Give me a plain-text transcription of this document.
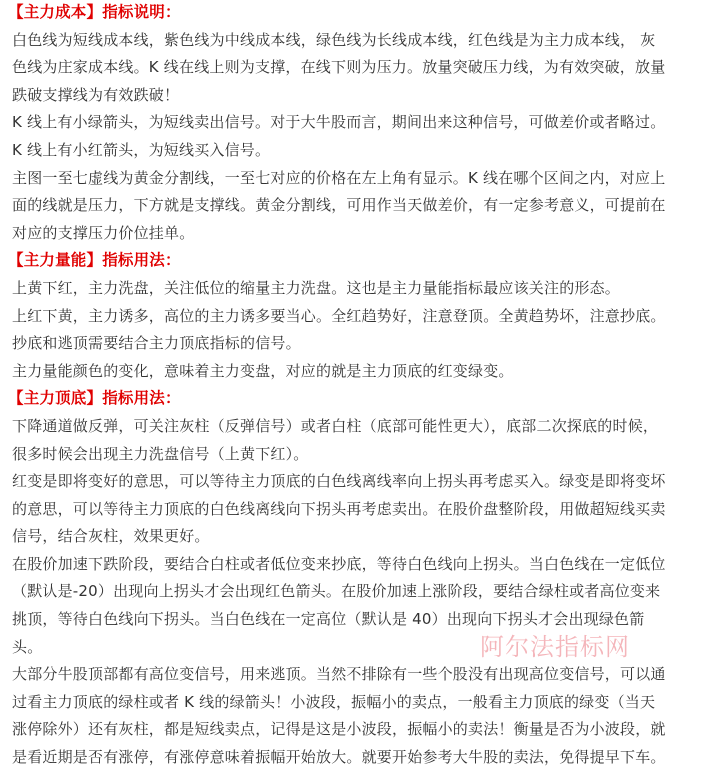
【主力成本】指标说明：
白色线为短线成本线，紫色线为中线成本线，绿色线为长线成本线，红色线是为主力成本线， 灰
色线为庄家成本线。K 线在线上则为支撑，在线下则为压力。放量突破压力线，为有效突破，放量
跌破支撑线为有效跌破！
K 线上有小绿箭头，为短线卖出信号。对于大牛股而言，期间出来这种信号，可做差价或者略过。
K 线上有小红箭头，为短线买入信号。
主图一至七虚线为黄金分割线，一至七对应的价格在左上角有显示。K 线在哪个区间之内，对应上
面的线就是压力，下方就是支撑线。黄金分割线，可用作当天做差价，有一定参考意义，可提前在
对应的支撑压力价位挂单。
【主力量能】指标用法：
上黄下红，主力洗盘，关注低位的缩量主力洗盘。这也是主力量能指标最应该关注的形态。
上红下黄，主力诱多，高位的主力诱多要当心。全红趋势好，注意登顶。全黄趋势坏，注意抄底。
抄底和逃顶需要结合主力顶底指标的信号。
主力量能颜色的变化，意味着主力变盘，对应的就是主力顶底的红变绿变。
【主力顶底】指标用法：
下降通道做反弹，可关注灰柱（反弹信号）或者白柱（底部可能性更大），底部二次探底的时候，
很多时候会出现主力洗盘信号（上黄下红）。
红变是即将变好的意思，可以等待主力顶底的白色线离线率向上拐头再考虑买入。绿变是即将变坏
的意思，可以等待主力顶底的白色线离线向下拐头再考虑卖出。在股价盘整阶段，用做超短线买卖
信号，结合灰柱，效果更好。
在股价加速下跌阶段，要结合白柱或者低位变来抄底，等待白色线向上拐头。当白色线在一定低位
（默认是-20）出现向上拐头才会出现红色箭头。在股价加速上涨阶段，要结合绿柱或者高位变来
挑顶，等待白色线向下拐头。当白色线在一定高位（默认是 40）出现向下拐头才会出现绿色箭
头。
大部分牛股顶部都有高位变信号，用来逃顶。当然不排除有一些个股没有出现高位变信号，可以通
过看主力顶底的绿柱或者 K 线的绿箭头！小波段，振幅小的卖点，一般看主力顶底的绿变（当天
涨停除外）还有灰柱，都是短线卖点，记得是这是小波段，振幅小的卖法！衡量是否为小波段，就
是看近期是否有涨停，有涨停意味着振幅开始放大。就要开始参考大牛股的卖法，免得提早下车。
阿尔法指标网
